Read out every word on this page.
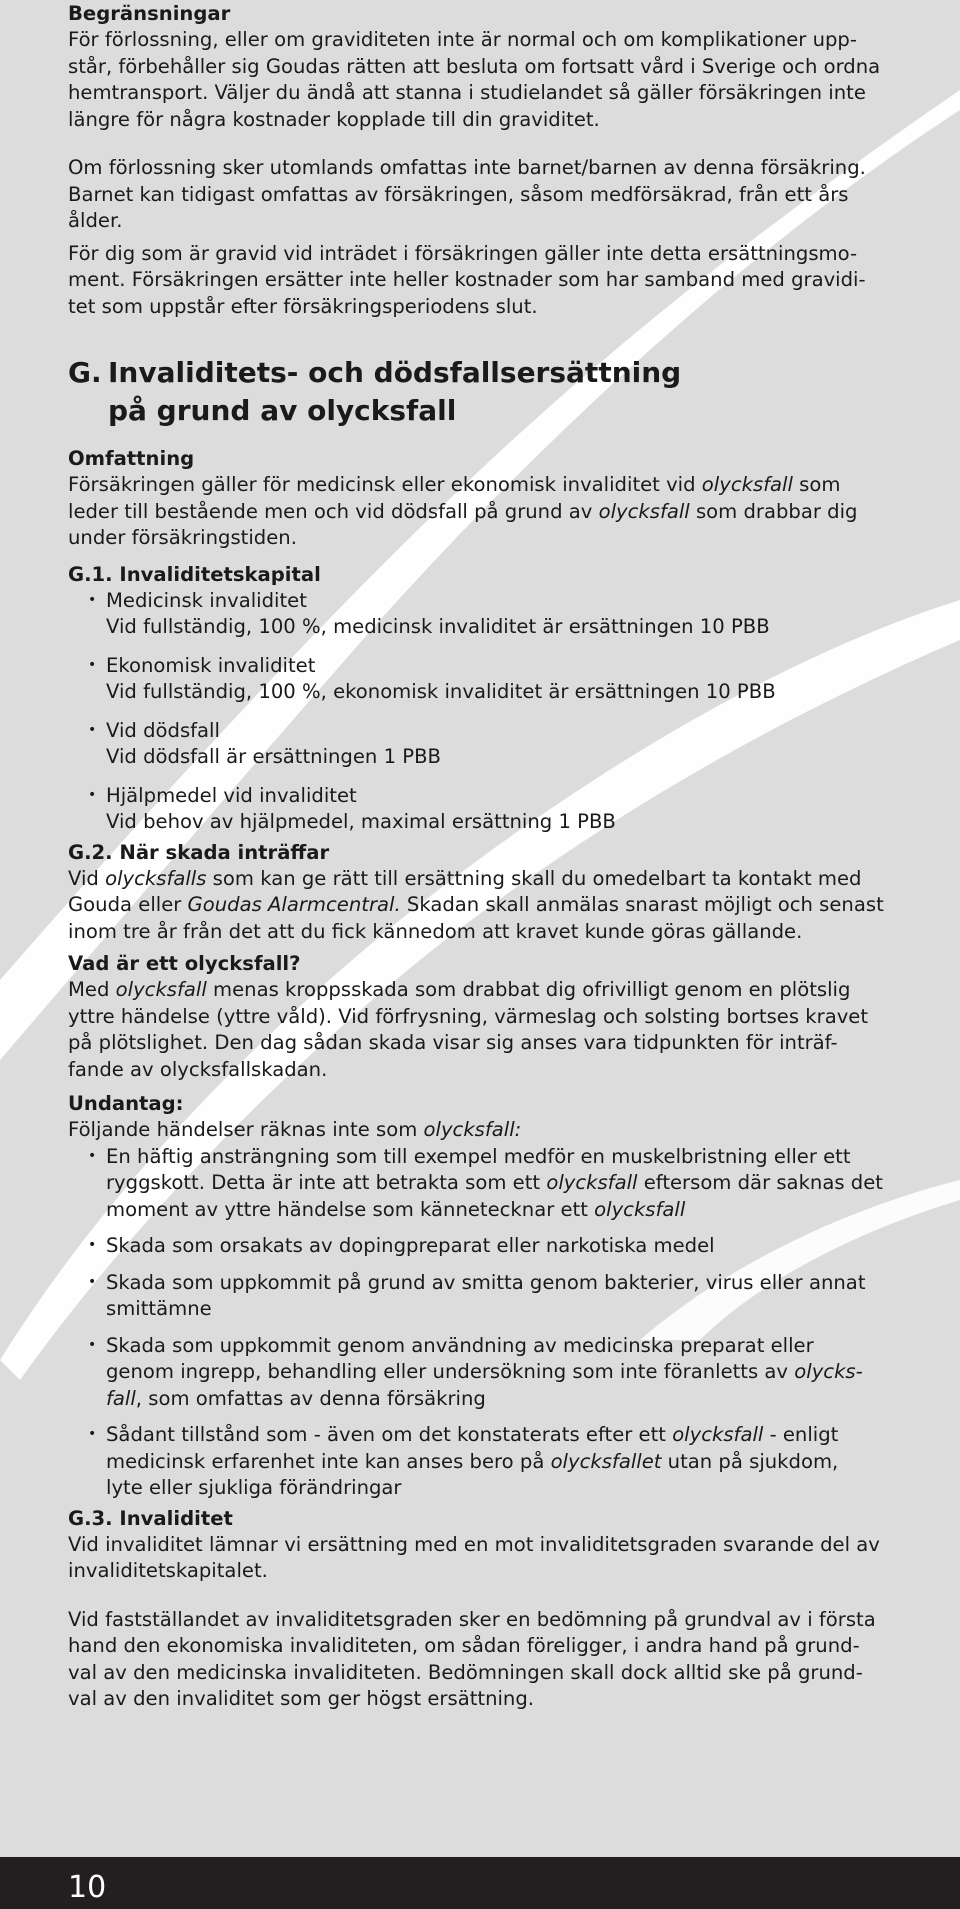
Begränsningar

För förlossning, eller om graviditeten inte är normal och om komplikationer upp-

står, förbehåller sig Goudas rätten att besluta om fortsatt vård i Sverige och ordna

hemtransport. Väljer du ändå att stanna i studielandet så gäller försäkringen inte

längre för några kostnader kopplade till din graviditet.

Om förlossning sker utomlands omfattas inte barnet/barnen av denna försäkring.

Barnet kan tidigast omfattas av försäkringen, såsom medförsäkrad, från ett års

ålder.

För dig som är gravid vid inträdet i försäkringen gäller inte detta ersättningsmo-

ment. Försäkringen ersätter inte heller kostnader som har samband med gravidi-

tet som uppstår efter försäkringsperiodens slut.

G. Invaliditets- och dödsfallsersättning
på grund av olycksfall

Omfattning

Försäkringen gäller för medicinsk eller ekonomisk invaliditet vid olycksfall som

leder till bestående men och vid dödsfall på grund av olycksfall som drabbar dig

under försäkringstiden.

G.1. Invaliditetskapital

• Medicinsk invaliditet
Vid fullständig, 100 %, medicinsk invaliditet är ersättningen 10 PBB
• Ekonomisk invaliditet
Vid fullständig, 100 %, ekonomisk invaliditet är ersättningen 10 PBB
• Vid dödsfall
Vid dödsfall är ersättningen 1 PBB
• Hjälpmedel vid invaliditet
Vid behov av hjälpmedel, maximal ersättning 1 PBB

G.2. När skada inträffar

Vid olycksfalls som kan ge rätt till ersättning skall du omedelbart ta kontakt med

Gouda eller Goudas Alarmcentral. Skadan skall anmälas snarast möjligt och senast

inom tre år från det att du fick kännedom att kravet kunde göras gällande.

Vad är ett olycksfall?

Med olycksfall menas kroppsskada som drabbat dig ofrivilligt genom en plötslig

yttre händelse (yttre våld). Vid förfrysning, värmeslag och solsting bortses kravet

på plötslighet. Den dag sådan skada visar sig anses vara tidpunkten för inträf-

fande av olycksfallskadan.

Undantag:

Följande händelser räknas inte som olycksfall:

• En häftig ansträngning som till exempel medför en muskelbristning eller ett
ryggskott. Detta är inte att betrakta som ett olycksfall eftersom där saknas det
moment av yttre händelse som kännetecknar ett olycksfall
• Skada som orsakats av dopingpreparat eller narkotiska medel
• Skada som uppkommit på grund av smitta genom bakterier, virus eller annat
smittämne
• Skada som uppkommit genom användning av medicinska preparat eller
genom ingrepp, behandling eller undersökning som inte föranletts av olycks-
fall, som omfattas av denna försäkring
• Sådant tillstånd som - även om det konstaterats efter ett olycksfall - enligt
medicinsk erfarenhet inte kan anses bero på olycksfallet utan på sjukdom,
lyte eller sjukliga förändringar

G.3. Invaliditet

Vid invaliditet lämnar vi ersättning med en mot invaliditetsgraden svarande del av

invaliditetskapitalet.

Vid fastställandet av invaliditetsgraden sker en bedömning på grundval av i första

hand den ekonomiska invaliditeten, om sådan föreligger, i andra hand på grund-

val av den medicinska invaliditeten. Bedömningen skall dock alltid ske på grund-

val av den invaliditet som ger högst ersättning.

10
